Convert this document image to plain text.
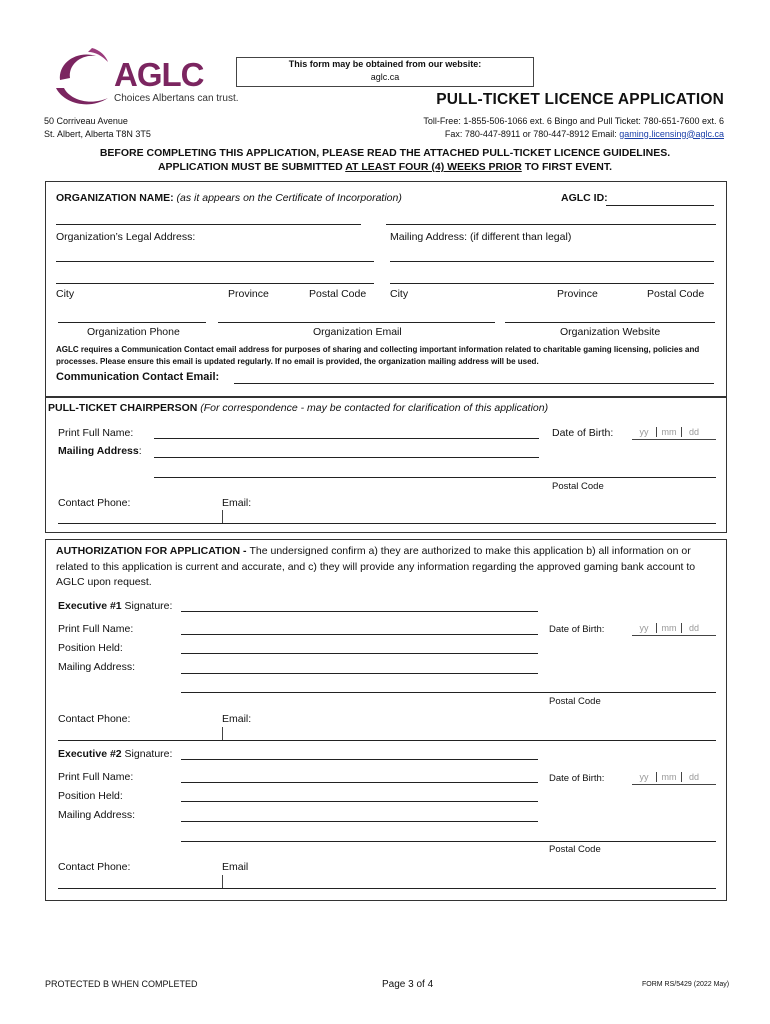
AGLC
Choices Albertans can trust.
This form may be obtained from our website:
aglc.ca
PULL-TICKET LICENCE APPLICATION
50 Corriveau Avenue
St. Albert, Alberta T8N 3T5
Toll-Free: 1-855-506-1066 ext. 6 Bingo and Pull Ticket: 780-651-7600 ext. 6
Fax: 780-447-8911 or 780-447-8912 Email: gaming.licensing@aglc.ca
BEFORE COMPLETING THIS APPLICATION, PLEASE READ THE ATTACHED PULL-TICKET LICENCE GUIDELINES.
APPLICATION MUST BE SUBMITTED AT LEAST FOUR (4) WEEKS PRIOR TO FIRST EVENT.
ORGANIZATION NAME: (as it appears on the Certificate of Incorporation)	AGLC ID:
Organization’s Legal Address:	Mailing Address: (if different than legal)
City	Province	Postal Code City	Province	Postal Code
Organization Phone	Organization Email	Organization Website
AGLC requires a Communication Contact email address for purposes of sharing and collecting important information related to charitable gaming licensing, policies and processes. Please ensure this email is updated regularly. If no email is provided, the organization mailing address will be used.
Communication Contact Email:
PULL-TICKET CHAIRPERSON (For correspondence - may be contacted for clarification of this application)
Print Full Name:	Date of Birth:	yy mm dd
Mailing Address:
Postal Code
Contact Phone:	Email:
AUTHORIZATION FOR APPLICATION - The undersigned confirm a) they are authorized to make this application b) all information on or related to this application is current and accurate, and c) they will provide any information regarding the approved gaming bank account to AGLC upon request.
Executive #1 Signature:
Print Full Name:	Date of Birth:	yy mm dd
Position Held:
Mailing Address:
Postal Code
Contact Phone:	Email:
Executive #2 Signature:
Print Full Name:	Date of Birth:	yy mm dd
Position Held:
Mailing Address:
Postal Code
Contact Phone:	Email
PROTECTED B WHEN COMPLETED	Page 3 of 4	FORM RS/5429 (2022 May)
